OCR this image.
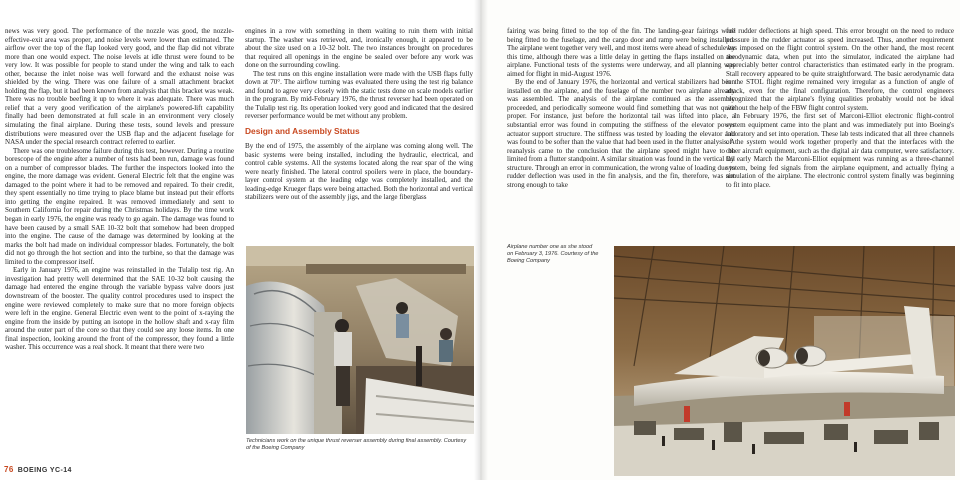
news was very good. The performance of the nozzle was good, the nozzle-effective-exit area was proper, and noise levels were lower than estimated. The airflow over the top of the flap looked very good, and the flap did not vibrate more than one would expect. The noise levels at idle thrust were found to be very low. It was possible for people to stand under the wing and talk to each other, because the inlet noise was well forward and the exhaust noise was shielded by the wing. There was one failure of a small attachment bracket holding the flap, but it had been known from analysis that this bracket was weak. There was no trouble beefing it up to where it was adequate. There was much relief that a very good verification of the airplane's powered-lift capability finally had been demonstrated at full scale in an environment very closely simulating the final airplane. During these tests, sound levels and pressure distributions were measured over the USB flap and the adjacent fuselage for NASA under the special research contract referred to earlier.

There was one troublesome failure during this test, however. During a routine borescope of the engine after a number of tests had been run, damage was found on a number of compressor blades. The further the inspectors looked into the engine, the more damage was evident. General Electric felt that the engine was damaged to the point where it had to be removed and repaired. To their credit, they spent essentially no time trying to place blame but instead put their efforts into getting the engine repaired. It was removed immediately and sent to Southern California for repair during the Christmas holidays. By the time work began in early 1976, the engine was ready to go again. The damage was found to have been caused by a small SAE 10-32 bolt that somehow had been dropped into the engine. The cause of the damage was determined by looking at the marks the bolt had made on individual compressor blades. Fortunately, the bolt did not go through the hot section and into the turbine, so that the damage was limited to the compressor itself.

Early in January 1976, an engine was reinstalled in the Tulalip test rig. An investigation had pretty well determined that the SAE 10-32 bolt causing the damage had entered the engine through the variable bypass valve doors just downstream of the booster. The quality control procedures used to inspect the engine were reviewed completely to make sure that no more foreign objects were left in the engine. General Electric even went to the point of x-raying the engine from the inside by putting an isotope in the hollow shaft and x-ray film around the outer part of the core so that they could see any loose items. In one final inspection, looking around the front of the compressor, they found a little washer. This occurrence was a real shock. It meant that there were two

engines in a row with something in them waiting to ruin them with initial startup. The washer was retrieved, and, ironically enough, it appeared to be about the size used on a 10-32 bolt. The two instances brought on procedures that required all openings in the engine be sealed over before any work was done on the surrounding cowling.

The test runs on this engine installation were made with the USB flaps fully down at 70°. The airflow turning was evaluated there using the test rig balance and found to agree very closely with the static tests done on scale models earlier in the program. By mid-February 1976, the thrust reverser had been operated on the Tulalip test rig. Its operation looked very good and indicated that the desired reverser performance would be met without any problem.

Design and Assembly Status

By the end of 1975, the assembly of the airplane was coming along well. The basic systems were being installed, including the hydraulic, electrical, and control cable systems. All the systems located along the rear spar of the wing were nearly finished. The lateral control spoilers were in place, the boundary-layer control system at the leading edge was completely installed, and the leading-edge Krueger flaps were being attached. Both the horizontal and vertical stabilizers were out of the assembly jigs, and the large fiberglass

Technicians work on the unique thrust reverser assembly during final assembly. Courtesy of the Boeing Company
76 BOEING YC-14

fairing was being fitted to the top of the fin. The landing-gear fairings were being fitted to the fuselage, and the cargo door and ramp were being installed. The airplane went together very well, and most items were ahead of schedule by this time, although there was a little delay in getting the flaps installed on the airplane. Functional tests of the systems were underway, and all planning was aimed for flight in mid-August 1976.

By the end of January 1976, the horizontal and vertical stabilizers had been installed on the airplane, and the fuselage of the number two airplane already was assembled. The analysis of the airplane continued as the assembly proceeded, and periodically someone would find something that was not quite proper. For instance, just before the horizontal tail was lifted into place, a substantial error was found in computing the stiffness of the elevator power actuator support structure. The stiffness was tested by loading the elevator and was found to be softer than the value that had been used in the flutter analysis. A reanalysis came to the conclusion that the airplane speed might have to be limited from a flutter standpoint. A similar situation was found in the vertical tail structure. Through an error in communication, the wrong value of loading due to rudder deflection was used in the fin analysis, and the fin, therefore, was not strong enough to take

full rudder deflections at high speed. This error brought on the need to reduce pressure in the rudder actuator as speed increased. Thus, another requirement was imposed on the flight control system. On the other hand, the most recent aerodynamic data, when put into the simulator, indicated the airplane had appreciably better control characteristics than estimated early in the program. Stall recovery appeared to be quite straightforward. The basic aerodynamic data in the STOL flight regime remained very irregular as a function of angle of attack, even for the final configuration. Therefore, the control engineers recognized that the airplane's flying qualities probably would not be ideal without the help of the FBW flight control system.

In February 1976, the first set of Marconi-Elliot electronic flight-control system equipment came into the plant and was immediately put into Boeing's laboratory and set into operation. These lab tests indicated that all three channels of the system would work together properly and that the interfaces with the other aircraft equipment, such as the digital air data computer, were satisfactory. By early March the Marconi-Elliot equipment was running as a three-channel system, being fed signals from the airplane equipment, and actually flying a simulation of the airplane. The electronic control system finally was beginning to fit into place.

Airplane number one as she stood on February 3, 1976. Courtesy of the Boeing Company
